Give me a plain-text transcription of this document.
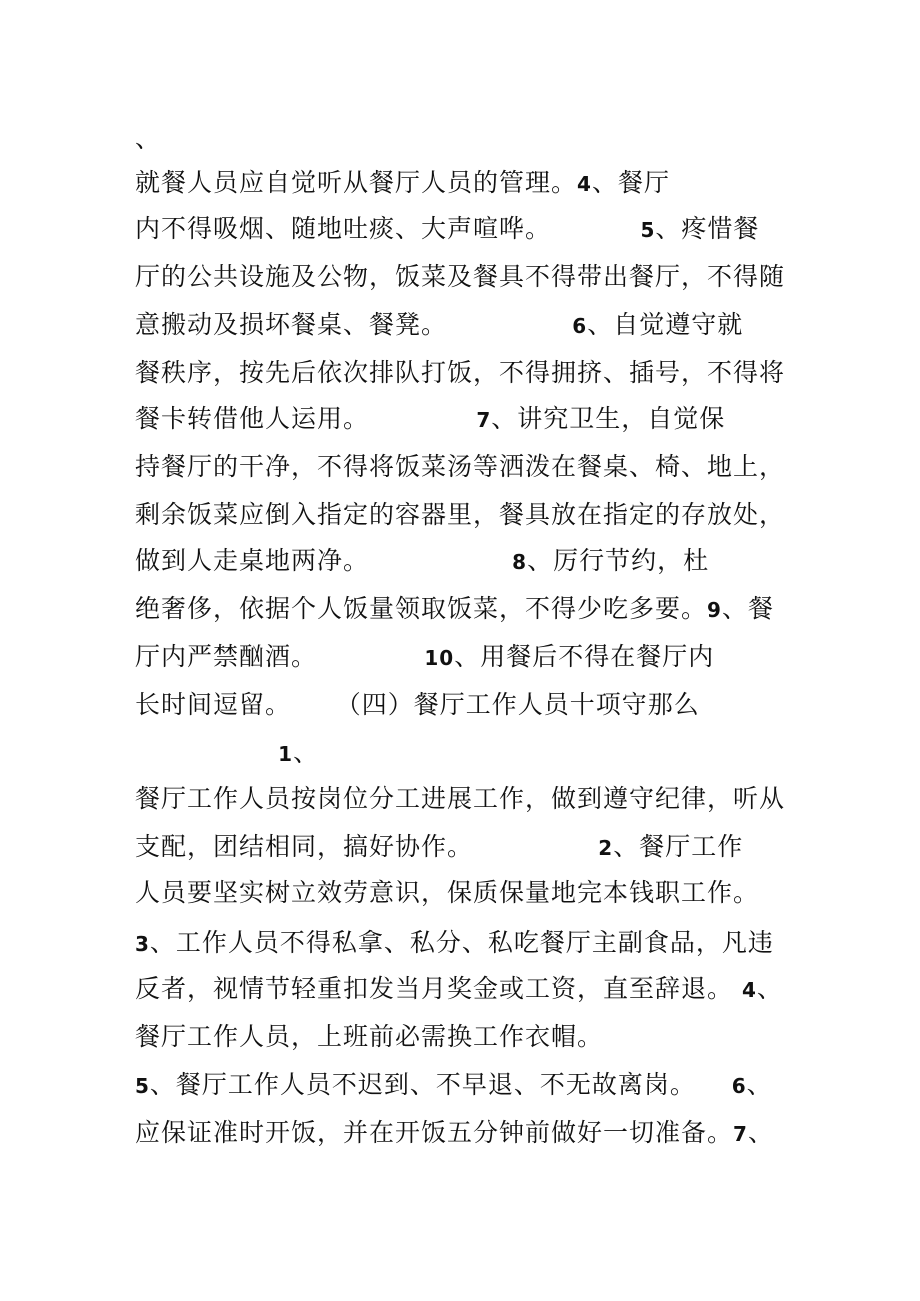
、
就餐人员应自觉听从餐厅人员的管理。4、餐厅
内不得吸烟、随地吐痰、大声喧哗。          5、疼惜餐
厅的公共设施及公物，饭菜及餐具不得带出餐厅，不得随
意搬动及损坏餐桌、餐凳。              6、自觉遵守就
餐秩序，按先后依次排队打饭，不得拥挤、插号，不得将
餐卡转借他人运用。            7、讲究卫生，自觉保
持餐厅的干净，不得将饭菜汤等洒泼在餐桌、椅、地上，
剩余饭菜应倒入指定的容器里，餐具放在指定的存放处，
做到人走桌地两净。                8、厉行节约，杜
绝奢侈，依据个人饭量领取饭菜，不得少吃多要。9、餐
厅内严禁酗酒。            10、用餐后不得在餐厅内
长时间逗留。     （四）餐厅工作人员十项守那么
1、
餐厅工作人员按岗位分工进展工作，做到遵守纪律，听从
支配，团结相同，搞好协作。              2、餐厅工作
人员要坚实树立效劳意识，保质保量地完本钱职工作。
3、工作人员不得私拿、私分、私吃餐厅主副食品，凡违
反者，视情节轻重扣发当月奖金或工资，直至辞退。 4、
餐厅工作人员，上班前必需换工作衣帽。
5、餐厅工作人员不迟到、不早退、不无故离岗。    6、
应保证准时开饭，并在开饭五分钟前做好一切准备。7、
